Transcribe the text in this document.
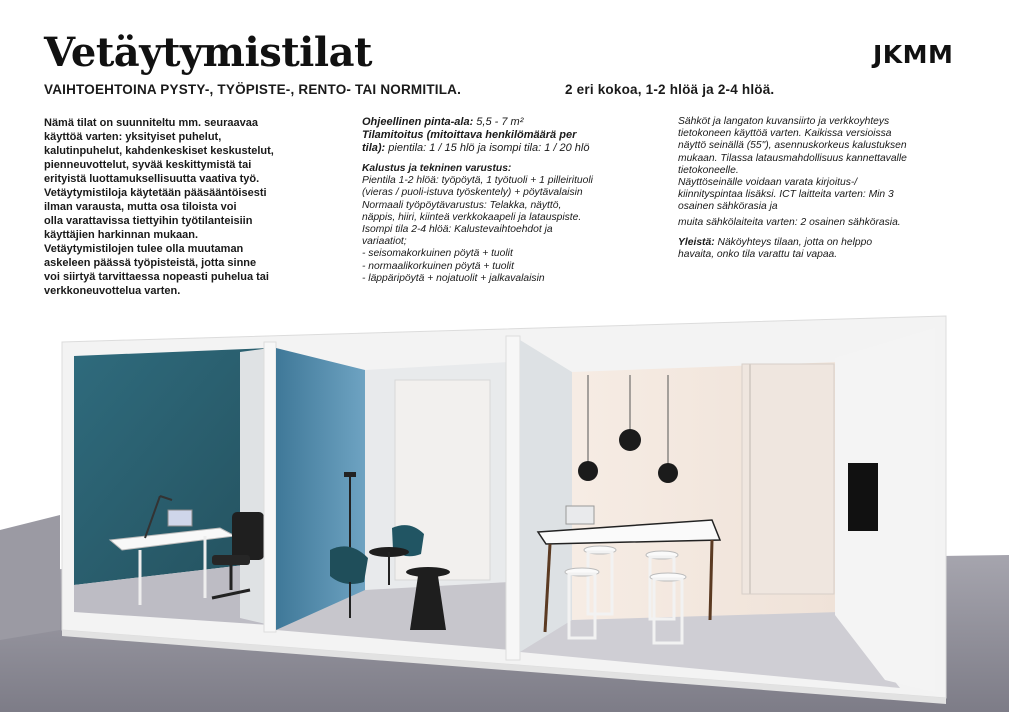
Vetäytymistilat	JKMM
VAIHTOEHTOINA PYSTY-, TYÖPISTE-, RENTO- TAI NORMITILA.	2 eri kokoa, 1-2 hlöä ja 2-4 hlöä.
Nämä tilat on suunniteltu mm. seuraavaa
käyttöä varten: yksityiset puhelut,
kalutinpuhelut, kahdenkeskiset keskustelut,
pienneuvottelut, syvää keskittymistä tai
erityistä luottamuksellisuutta vaativa työ.
Vetäytymistiloja käytetään pääsääntöisesti
ilman varausta, mutta osa tiloista voi
olla varattavissa tiettyihin työtilanteisiin
käyttäjien harkinnan mukaan.
Vetäytymistilojen tulee olla muutaman
askeleen päässä työpisteistä, jotta sinne
voi siirtyä tarvittaessa nopeasti puhelua tai
verkkoneuvottelua varten.
Ohjeellinen pinta-ala: 5,5 - 7 m²
Tilamitoitus (mitoittava henkilömäärä per
tila): pientila: 1 / 15 hlö ja isompi tila: 1 / 20 hlö
Kalustus ja tekninen varustus:
Pientila 1-2 hlöä: työpöytä, 1 työtuoli + 1 pilleirituoli
(vieras / puoli-istuva työskentely) + pöytävalaisin
Normaali työpöytävarustus: Telakka, näyttö,
näppis, hiiri, kiinteä verkkokaapeli ja latauspiste.
Isompi tila 2-4 hlöä: Kalustevaihtoehdot ja
variaatiot;
- seisomakorkuinen pöytä + tuolit
- normaalikorkuinen pöytä + tuolit
- läppäripöytä + nojatuolit + jalkavalaisin
Sähköt ja langaton kuvansiirto ja verkkoyhteys
tietokoneen käyttöä varten. Kaikissa versioissa
näyttö seinällä (55"), asennuskorkeus kalustuksen
mukaan. Tilassa latausmahdollisuus kannettavalle
tietokoneelle.
Näyttöseinälle voidaan varata kirjoitus-/
kiinnityspintaa lisäksi. ICT laitteita varten: Min 3
osainen sähkörasia ja
muita sähkölaiteita varten: 2 osainen sähkörasia.
Yleistä: Näköyhteys tilaan, jotta on helppo
havaita, onko tila varattu tai vapaa.
